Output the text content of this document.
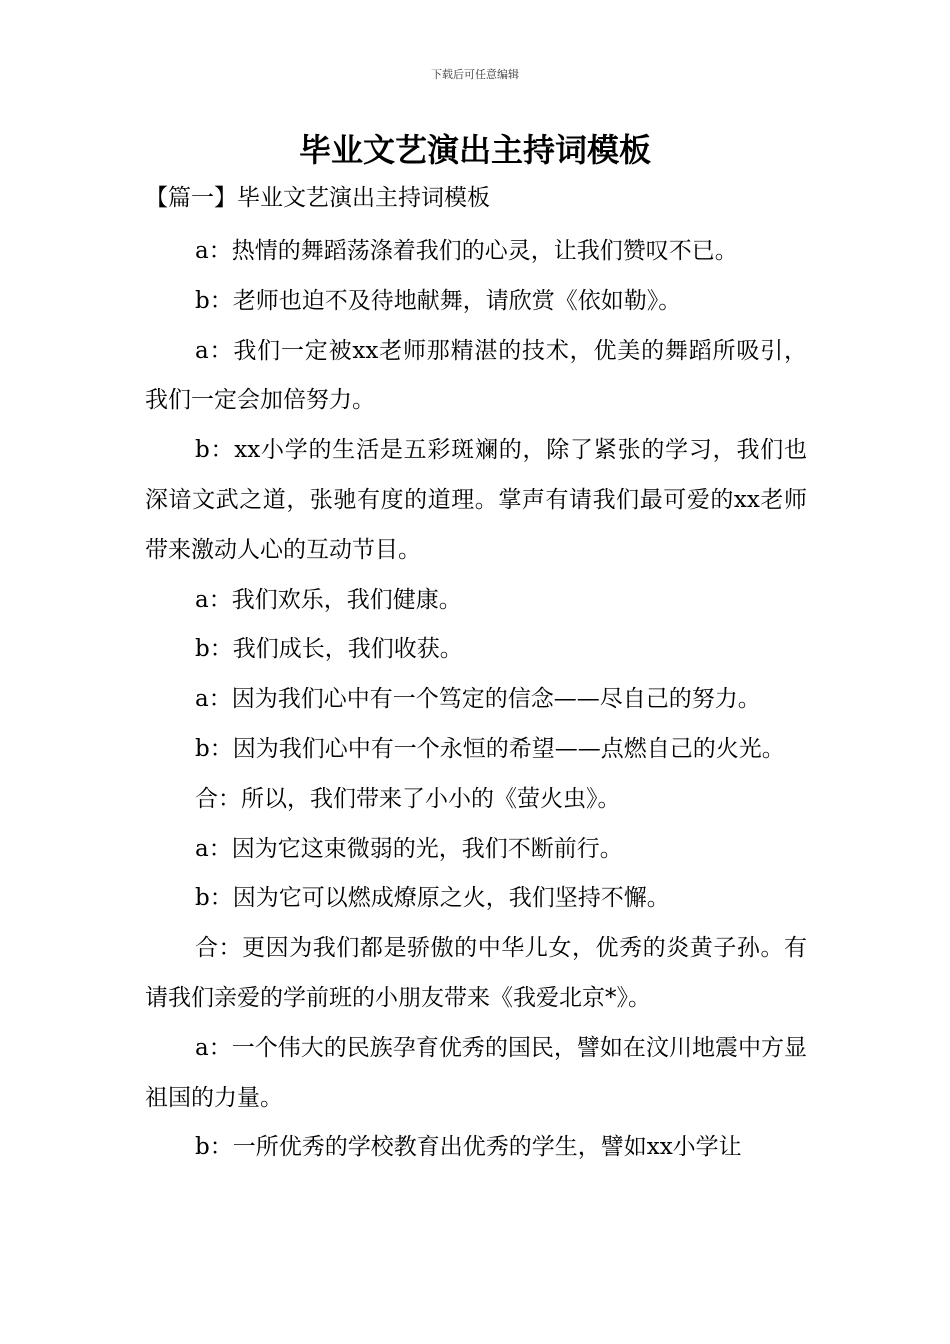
下载后可任意编辑
毕业文艺演出主持词模板

【篇一】毕业文艺演出主持词模板

a：热情的舞蹈荡涤着我们的心灵，让我们赞叹不已。

b：老师也迫不及待地献舞，请欣赏《依如勒》。

a：我们一定被xx老师那精湛的技术，优美的舞蹈所吸引，我们一定会加倍努力。

b：xx小学的生活是五彩斑斓的，除了紧张的学习，我们也深谙文武之道，张驰有度的道理。掌声有请我们最可爱的xx老师带来激动人心的互动节目。

a：我们欢乐，我们健康。

b：我们成长，我们收获。

a：因为我们心中有一个笃定的信念——尽自己的努力。

b：因为我们心中有一个永恒的希望——点燃自己的火光。

合：所以，我们带来了小小的《萤火虫》。

a：因为它这束微弱的光，我们不断前行。

b：因为它可以燃成燎原之火，我们坚持不懈。

合：更因为我们都是骄傲的中华儿女，优秀的炎黄子孙。有请我们亲爱的学前班的小朋友带来《我爱北京*》。

a：一个伟大的民族孕育优秀的国民，譬如在汶川地震中方显祖国的力量。

b：一所优秀的学校教育出优秀的学生，譬如xx小学让
